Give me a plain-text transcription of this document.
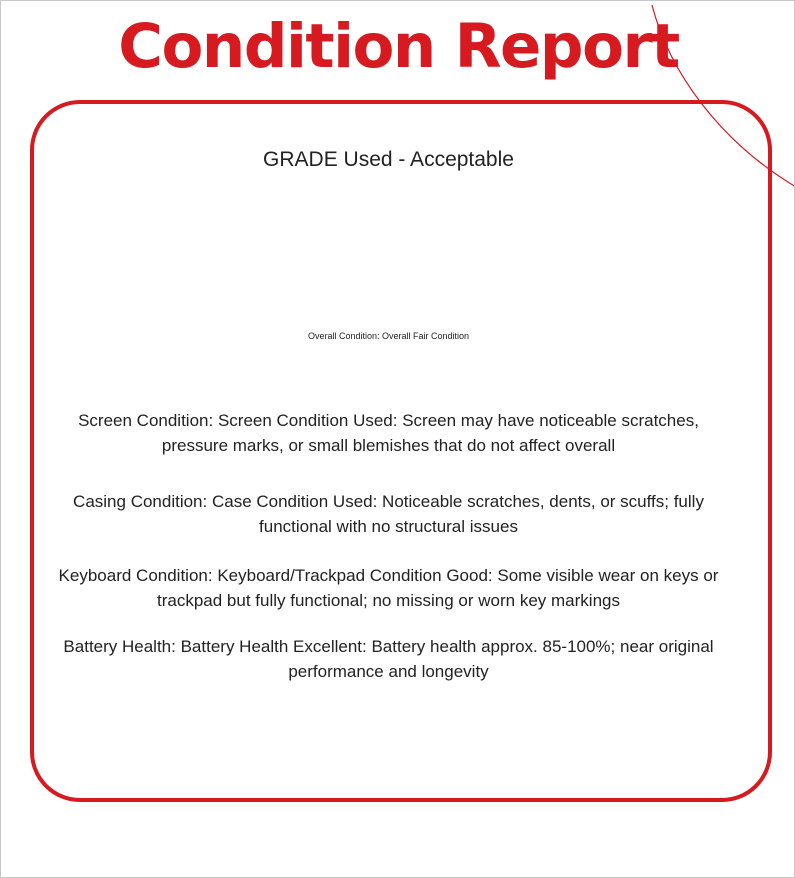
Condition Report
GRADE Used - Acceptable
Overall Condition: Overall Fair Condition
Screen Condition: Screen Condition Used: Screen may have noticeable scratches, pressure marks, or small blemishes that do not affect overall
Casing Condition: Case Condition Used: Noticeable scratches, dents, or scuffs; fully functional with no structural issues
Keyboard Condition: Keyboard/Trackpad Condition Good: Some visible wear on keys or trackpad but fully functional; no missing or worn key markings
Battery Health: Battery Health Excellent: Battery health approx. 85-100%; near original performance and longevity
